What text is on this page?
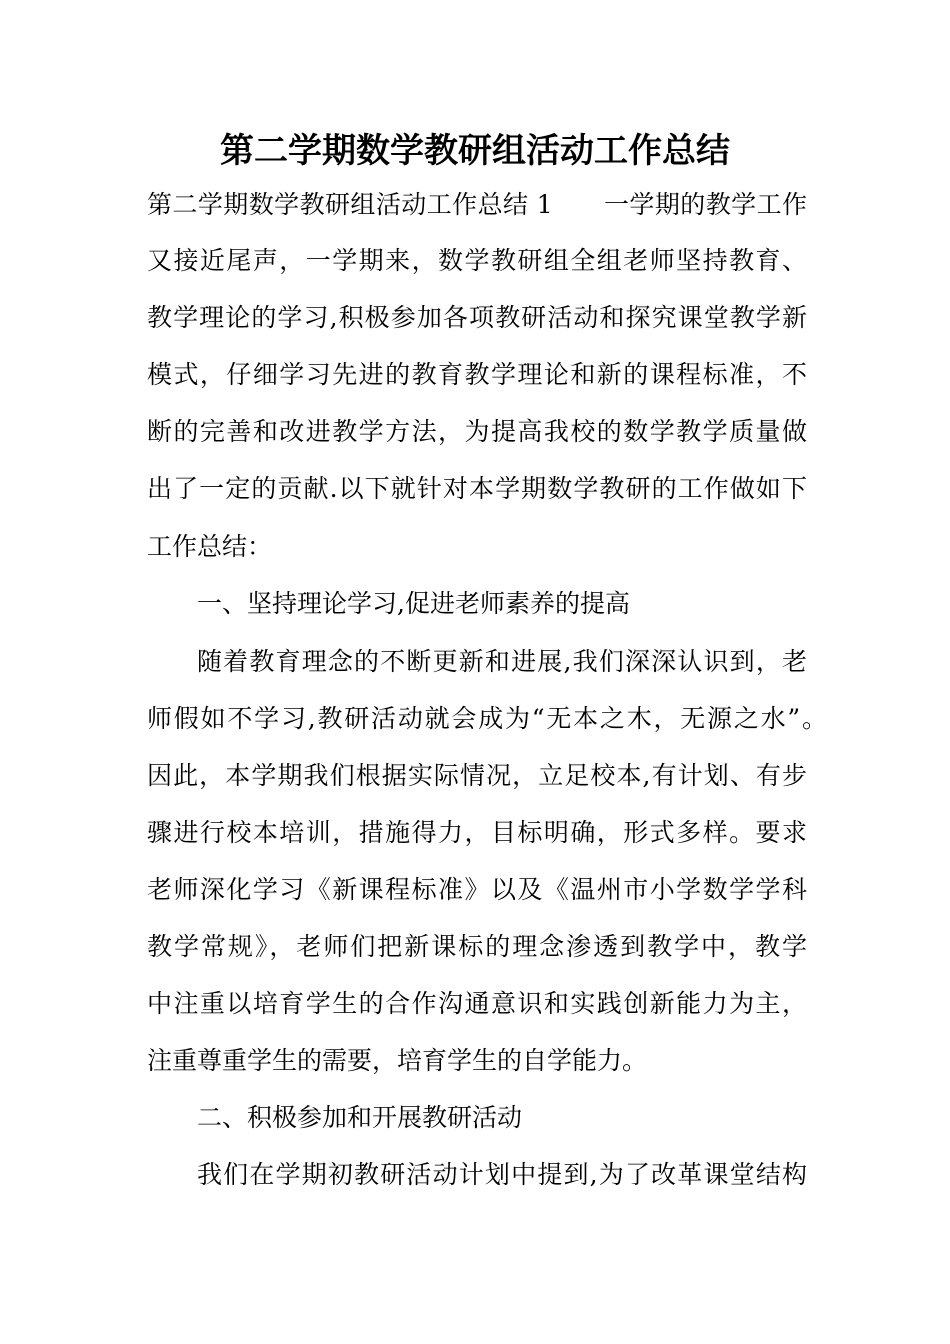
第二学期数学教研组活动工作总结
第二学期数学教研组活动工作总结 1　　一学期的教学工作
又接近尾声，一学期来，数学教研组全组老师坚持教育、
教学理论的学习,积极参加各项教研活动和探究课堂教学新
模式，仔细学习先进的教育教学理论和新的课程标准，不
断的完善和改进教学方法，为提高我校的数学教学质量做
出了一定的贡献.以下就针对本学期数学教研的工作做如下
工作总结：
一、坚持理论学习,促进老师素养的提高
随着教育理念的不断更新和进展,我们深深认识到，老
师假如不学习,教研活动就会成为“无本之木，无源之水”。
因此，本学期我们根据实际情况，立足校本,有计划、有步
骤进行校本培训，措施得力，目标明确，形式多样。要求
老师深化学习《新课程标准》以及《温州市小学数学学科
教学常规》，老师们把新课标的理念渗透到教学中，教学
中注重以培育学生的合作沟通意识和实践创新能力为主，
注重尊重学生的需要，培育学生的自学能力。
二、积极参加和开展教研活动
我们在学期初教研活动计划中提到,为了改革课堂结构
